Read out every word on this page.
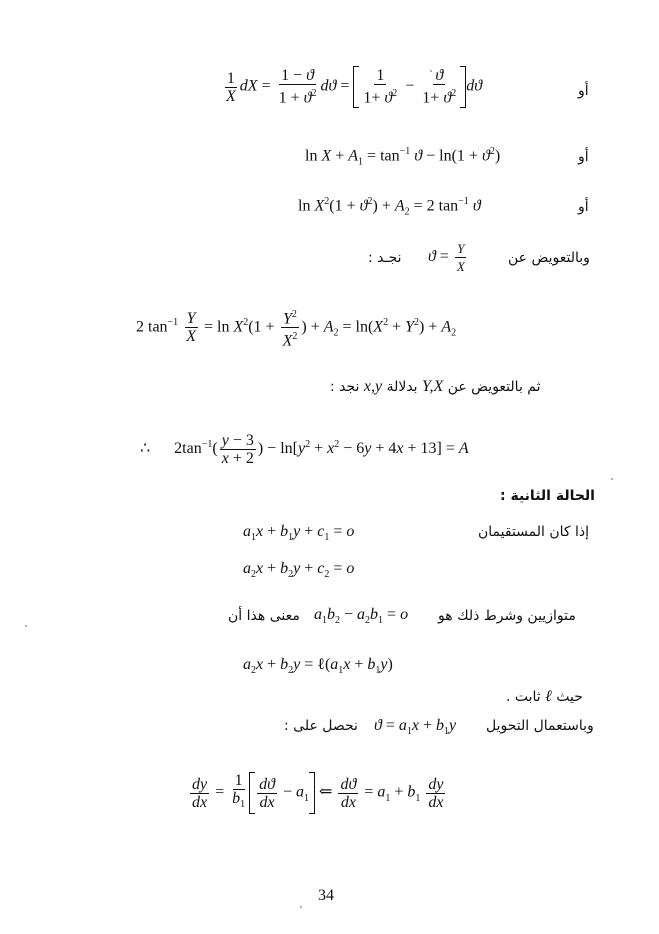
$\frac{1}{X}$ dX = $\frac{1 - ϑ}{1 + ϑ^2}$ $dϑ = \frac{1}{1+ ϑ^2} - \frac{ϑ}{1+ ϑ^2}$ dϑ	أو
$\ln X + A_1 = \tan^{-1} ϑ - \ln(1 + ϑ^2)$	أو
$\ln X^2(1 + ϑ^2) + A_2 = 2$ $\tan^{-1} ϑ$	أو
وبالتعويض عن
$ϑ = \frac{Y}{X}$
نجـد :
2 $\tan^{-1} \frac{Y}{X} = \ln X^2(1 + \frac{Y^2}{X^2}$ ) + $A_2 = \ln(X^2 + Y^2) + A_2$
ثم بالتعويض عن Y,X بدلالة x,y نجد :
∴      $2\tan^{-1}( \frac{y - 3}{x + 2}$ ) − $\ln[y^2 + x^2 - 6y + 4x + 13] = A$
الحالة الثانية :
إذا كان المستقيمان
$a_1x + b_1y + c_1 = o$
$a_2x + b_2y + c_2 = o$
متوازيين وشرط ذلك هو
$a_1b_2 - a_2b_1 = o$
معنى هذا أن
$a_2x + b_2y$ = $\ell(a_1x + b_1y)$
حيث ℓ ثابت .
وباستعمال التحويل
$ϑ = a_1x + b_1y$
نحصل على :
$\frac{dy}{dx} = \frac{1}{b_1} \frac{dϑ}{dx} - a_1$ ⇐ $\frac{dϑ}{dx} = a_1 + b_1 \frac{dy}{dx}$
34
